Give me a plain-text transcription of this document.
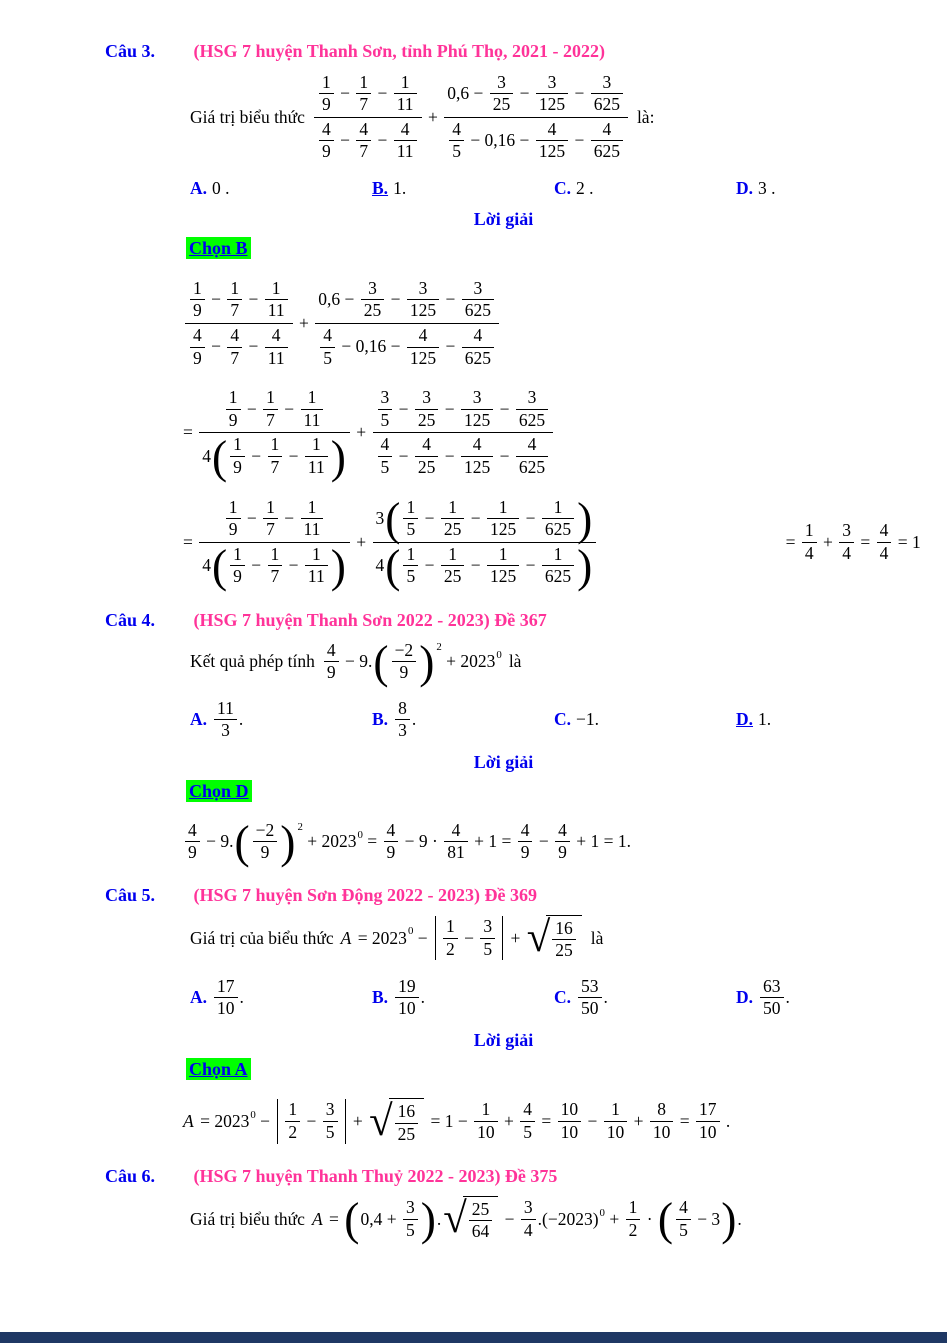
Câu 3. (HSG 7 huyện Thanh Sơn, tỉnh Phú Thọ, 2021 - 2022)
Giá trị biểu thức $\frac{\frac{1}{9} - \frac{1}{7} - \frac{1}{11}}{\frac{4}{9} - \frac{4}{7} - \frac{4}{11}} + \frac{0,6 - \frac{3}{25} - \frac{3}{125} - \frac{3}{625}}{\frac{4}{5} - 0,16 - \frac{4}{125} - \frac{4}{625}}$ là:
A. 0 .	B. 1.	C. 2 .	D. 3 .
Lời giải
Chọn B
$\frac{\frac{1}{9} - \frac{1}{7} - \frac{1}{11}}{\frac{4}{9} - \frac{4}{7} - \frac{4}{11}} + \frac{0,6 - \frac{3}{25} - \frac{3}{125} - \frac{3}{625}}{\frac{4}{5} - 0,16 - \frac{4}{125} - \frac{4}{625}}$

= $\frac{\frac{1}{9} - \frac{1}{7} - \frac{1}{11}}{4 ( \frac{1}{9} - \frac{1}{7} - \frac{1}{11} )} + \frac{\frac{3}{5} - \frac{3}{25} - \frac{3}{125} - \frac{3}{625}}{\frac{4}{5} - \frac{4}{25} - \frac{4}{125} - \frac{4}{625}}$

= $\frac{\frac{1}{9} - \frac{1}{7} - \frac{1}{11}}{4 ( \frac{1}{9} - \frac{1}{7} - \frac{1}{11} )} + \frac{3 ( \frac{1}{5} - \frac{1}{25} - \frac{1}{125} - \frac{1}{625} )}{4 ( \frac{1}{5} - \frac{1}{25} - \frac{1}{125} - \frac{1}{625} )}$
	= $\frac{1}{4} + \frac{3}{4} = \frac{4}{4} = 1$
Câu 4. (HSG 7 huyện Thanh Sơn 2022 - 2023) Đề 367
Kết quả phép tính $\frac{4}{9} - 9$. ( $\frac{-2}{9}$ ) 2
+ 2023 0 là
A. $\frac{11}{3}$ .	B. $\frac{8}{3}$ .	C. −1.	D. 1.
Lời giải
Chọn D
$\frac{4}{9} - 9$. ( $\frac{-2}{9}$ ) 2
+ 2023 $0 = \frac{4}{9} - 9 \cdot \frac{4}{81} + 1 = \frac{4}{9} - \frac{4}{9} + 1 = 1$.
Câu 5. (HSG 7 huyện Sơn Động 2022 - 2023) Đề 369
Giá trị của biểu thức A = 2023 $0 - \frac{1}{2} - \frac{3}{5}$ + √ $\frac{16}{25}$ là
A. $\frac{17}{10}$ .	B. $\frac{19}{10}$ .	C. $\frac{53}{50}$ .	D. $\frac{63}{50}$ .
Lời giải
Chọn A
A = 2023 $0 - \frac{1}{2} - \frac{3}{5}$ + √ $\frac{16}{25} = 1 - \frac{1}{10} + \frac{4}{5} = \frac{10}{10} - \frac{1}{10} + \frac{8}{10} = \frac{17}{10}$ .
Câu 6. (HSG 7 huyện Thanh Thuỷ 2022 - 2023) Đề 375
Giá trị biểu thức A = ( $0,4 + \frac{3}{5}$ ) . √ $\frac{25}{64} - \frac{3}{4} .(-2023) 0 + \frac{1}{2}$ · ( $\frac{4}{5} - 3$ ) .
